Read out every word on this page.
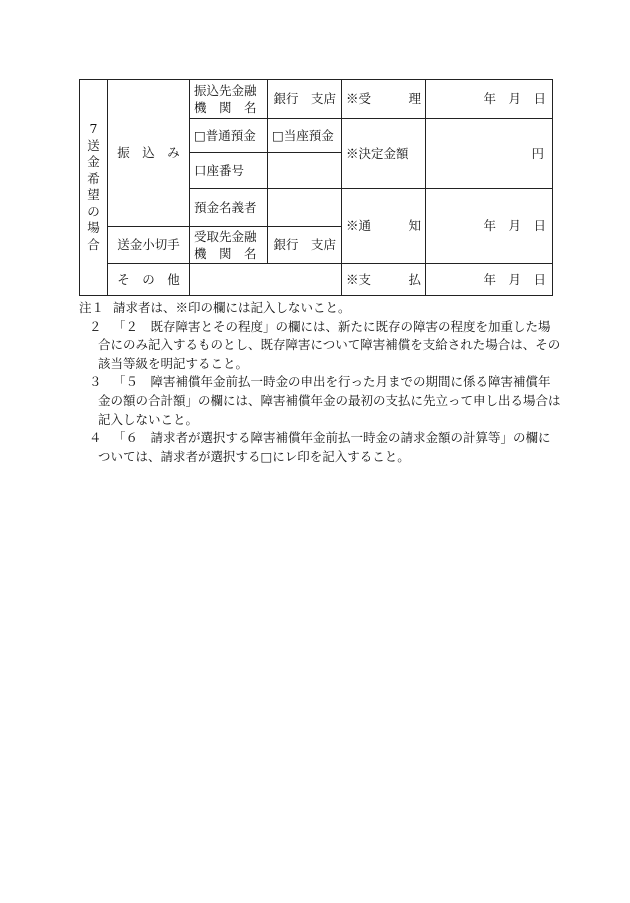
7送金希望の場合	振　込　み	振込先金融
機　関　名	銀行　支店	※受　　　理	年　月　日
		□普通預金	□当座預金	※決定金額	円
		口座番号			
		預金名義者		※通　　　知	年　月　日
	送金小切手	受取先金融
機　関　名	銀行　支店		
	そ　の　他			※支　　　払	年　月　日
注１ 請求者は、※印の欄には記入しないこと。
２ 「２　既存障害とその程度」の欄には、新たに既存の障害の程度を加重した場合にのみ記入するものとし、既存障害について障害補償を支給された場合は、その該当等級を明記すること。
３ 「５　障害補償年金前払一時金の申出を行った月までの期間に係る障害補償年金の額の合計額」の欄には、障害補償年金の最初の支払に先立って申し出る場合は記入しないこと。
４ 「６　請求者が選択する障害補償年金前払一時金の請求金額の計算等」の欄については、請求者が選択する□にレ印を記入すること。
